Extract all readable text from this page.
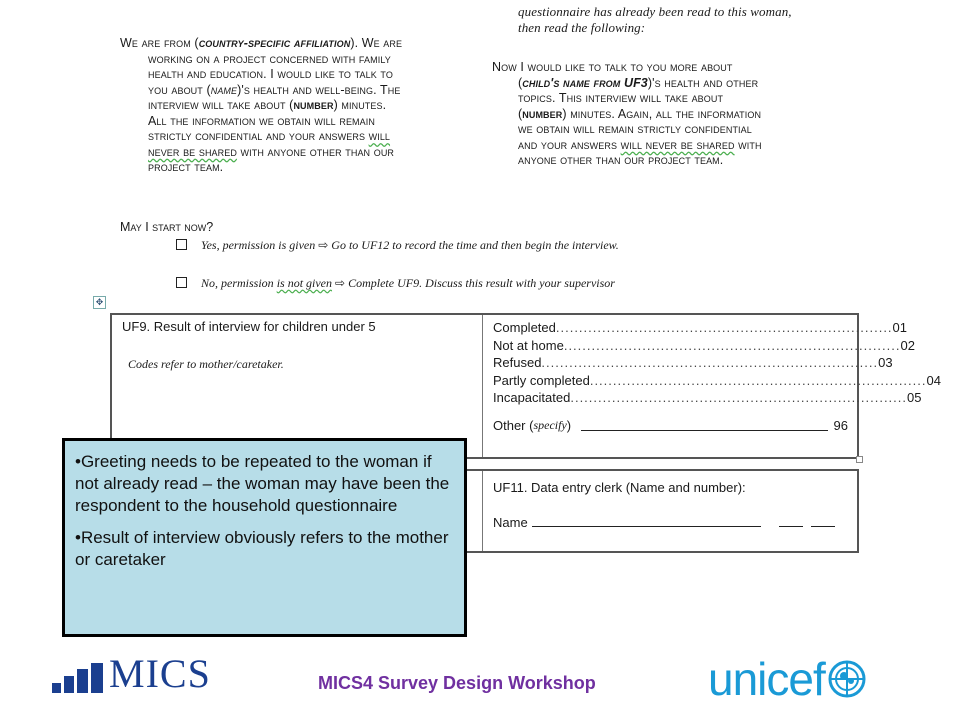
We are from (country-specific affiliation). We are
working on a project concerned with family
health and education. I would like to talk to
you about (name)'s health and well-being. The
interview will take about (number) minutes.
All the information we obtain will remain
strictly confidential and your answers will
never be shared with anyone other than our
project team.
questionnaire has already been read to this woman,
then read the following:
Now I would like to talk to you more about
(child's name from UF3)'s health and other
topics. This interview will take about
(number) minutes. Again, all the information
we obtain will remain strictly confidential
and your answers will never be shared with
anyone other than our project team.
May I start now?
Yes, permission is given ⇨ Go to UF12 to record the time and then begin the interview.
No, permission is not given ⇨ Complete UF9. Discuss this result with your supervisor
✥
UF9. Result of interview for children under 5
Codes refer to mother/caretaker.
Completed ......................................................................... 01
Not at home ......................................................................... 02
Refused ......................................................................... 03
Partly completed ......................................................................... 04
Incapacitated ......................................................................... 05
Other ( specify )	96
UF11. Data entry clerk (Name and number):
Name

•Greeting needs to be repeated to the woman if not already read – the woman may have been the respondent to the household questionnaire

•Result of interview obviously refers to the mother or caretaker

MICS	MICS4 Survey Design Workshop unicef
